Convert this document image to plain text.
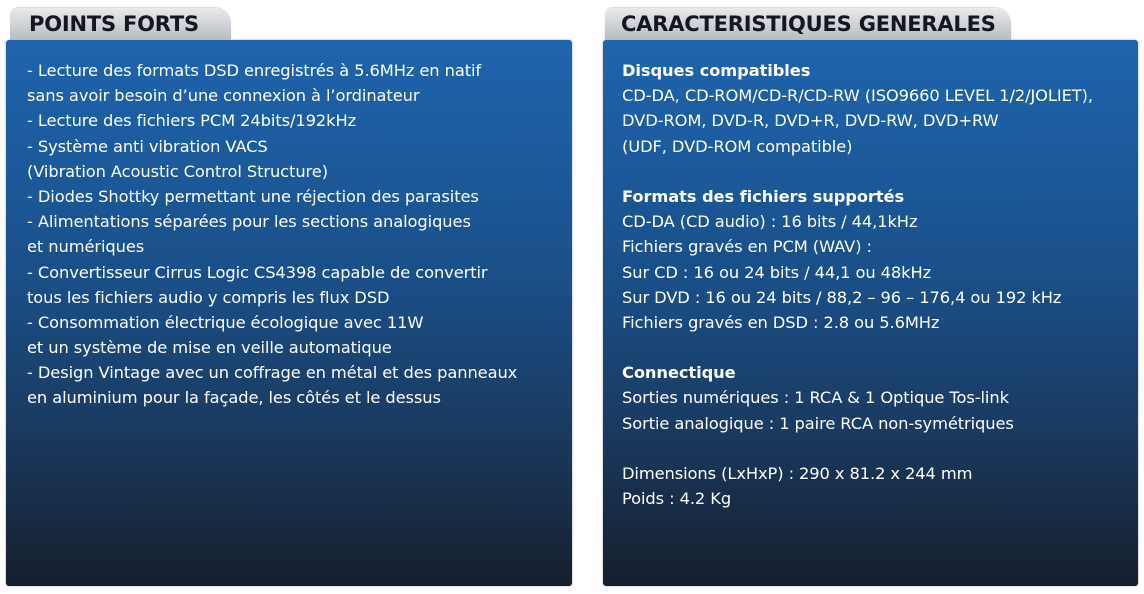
POINTS FORTS	CARACTERISTIQUES GENERALES
- Lecture des formats DSD enregistrés à 5.6MHz en natif
sans avoir besoin d’une connexion à l’ordinateur
- Lecture des fichiers PCM 24bits/192kHz
- Système anti vibration VACS
(Vibration Acoustic Control Structure)
- Diodes Shottky permettant une réjection des parasites
- Alimentations séparées pour les sections analogiques
et numériques
- Convertisseur Cirrus Logic CS4398 capable de convertir
tous les fichiers audio y compris les flux DSD
- Consommation électrique écologique avec 11W
et un système de mise en veille automatique
- Design Vintage avec un coffrage en métal et des panneaux
en aluminium pour la façade, les côtés et le dessus
Disques compatibles
CD-DA, CD-ROM/CD-R/CD-RW (ISO9660 LEVEL 1/2/JOLIET),
DVD-ROM, DVD-R, DVD+R, DVD-RW, DVD+RW
(UDF, DVD-ROM compatible)
Formats des fichiers supportés
CD-DA (CD audio) : 16 bits / 44,1kHz
Fichiers gravés en PCM (WAV) :
Sur CD : 16 ou 24 bits / 44,1 ou 48kHz
Sur DVD : 16 ou 24 bits / 88,2 – 96 – 176,4 ou 192 kHz
Fichiers gravés en DSD : 2.8 ou 5.6MHz
Connectique
Sorties numériques : 1 RCA & 1 Optique Tos-link
Sortie analogique : 1 paire RCA non-symétriques
Dimensions (LxHxP) : 290 x 81.2 x 244 mm
Poids : 4.2 Kg
